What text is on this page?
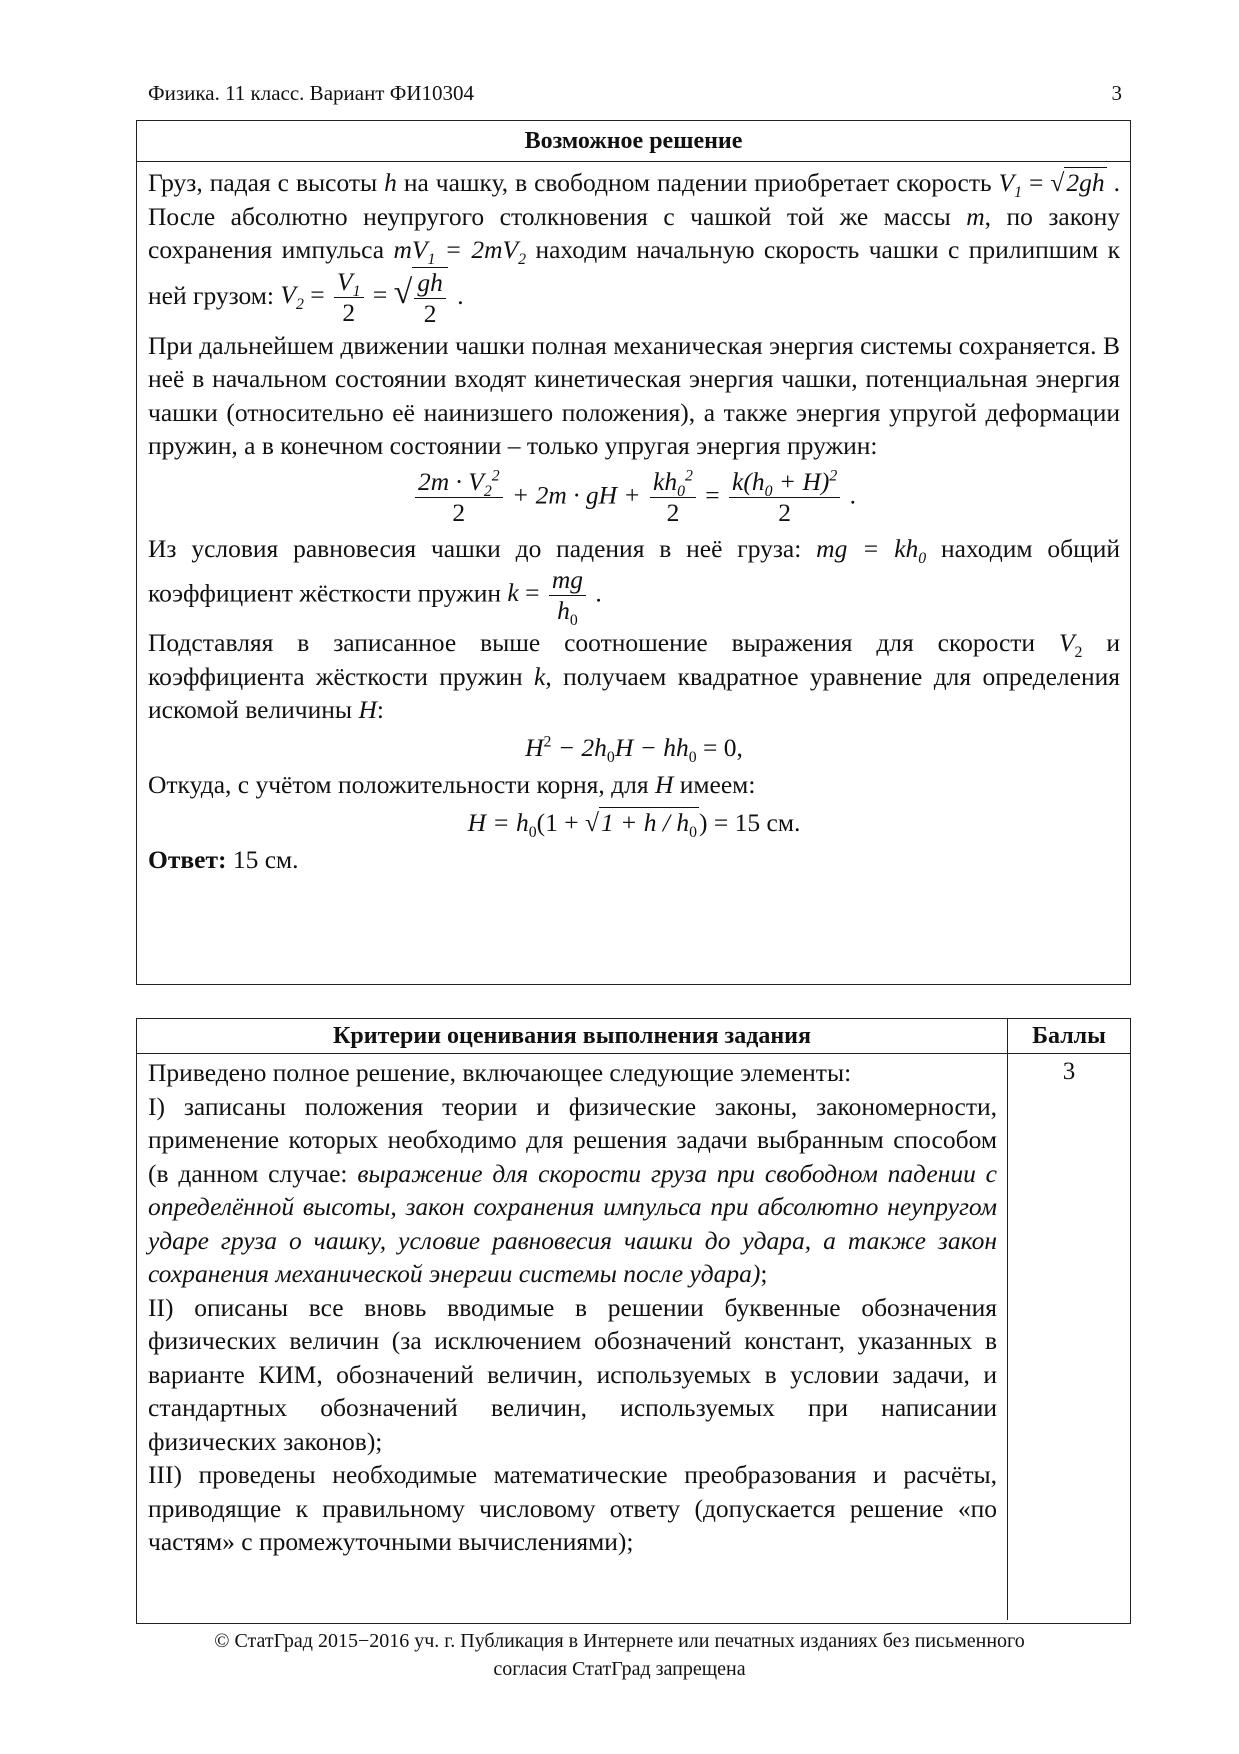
Физика. 11 класс. Вариант ФИ10304	3
Возможное решение

Груз, падая с высоты h на чашку, в свободном падении приобретает скорость $V_1 = √2gh$ . После абсолютно неупругого столкновения с чашкой той же массы m, по закону сохранения импульса $mV_1 = 2mV_2$ находим начальную скорость чашки с прилипшим к ней грузом: $V_2 = \frac{V_1}{2}$ = √ $\frac{gh}{2}$ .

При дальнейшем движении чашки полная механическая энергия системы сохраняется. В неё в начальном состоянии входят кинетическая энергия чашки, потенциальная энергия чашки (относительно её наинизшего положения), а также энергия упругой деформации пружин, а в конечном состоянии – только упругая энергия пружин:

$\frac{2m \cdot V_2^2}{2} + 2m$ · gH + $\frac{kh_0^2}{2} = \frac{k(h_0 + H)^2}{2}$ .

Из условия равновесия чашки до падения в неё груза: mg = $kh_0$ находим общий коэффициент жёсткости пружин $k = \frac{mg}{h_0}$ .

Подставляя в записанное выше соотношение выражения для скорости $V_2$ и коэффициента жёсткости пружин k, получаем квадратное уравнение для определения искомой величины H:

$H^2 - 2h_0H - hh_0 = 0$,

Откуда, с учётом положительности корня, для H имеем:

$H = h_0(1 + √1 + h / h_0) = 15$ см.

Ответ: 15 см.

Критерии оценивания выполнения задания	Баллы

Приведено полное решение, включающее следующие элементы:

I) записаны положения теории и физические законы, закономерности, применение которых необходимо для решения задачи выбранным способом (в данном случае: выражение для скорости груза при свободном падении с определённой высоты, закон сохранения импульса при абсолютно неупругом ударе груза о чашку, условие равновесия чашки до удара, а также закон сохранения механической энергии системы после удара);

II) описаны все вновь вводимые в решении буквенные обозначения физических величин (за исключением обозначений констант, указанных в варианте КИМ, обозначений величин, используемых в условии задачи, и стандартных обозначений величин, используемых при написании физических законов);

III) проведены необходимые математические преобразования и расчёты, приводящие к правильному числовому ответу (допускается решение «по частям» с промежуточными вычислениями);	3
© СтатГрад 2015−2016 уч. г. Публикация в Интернете или печатных изданиях без письменного
согласия СтатГрад запрещена
